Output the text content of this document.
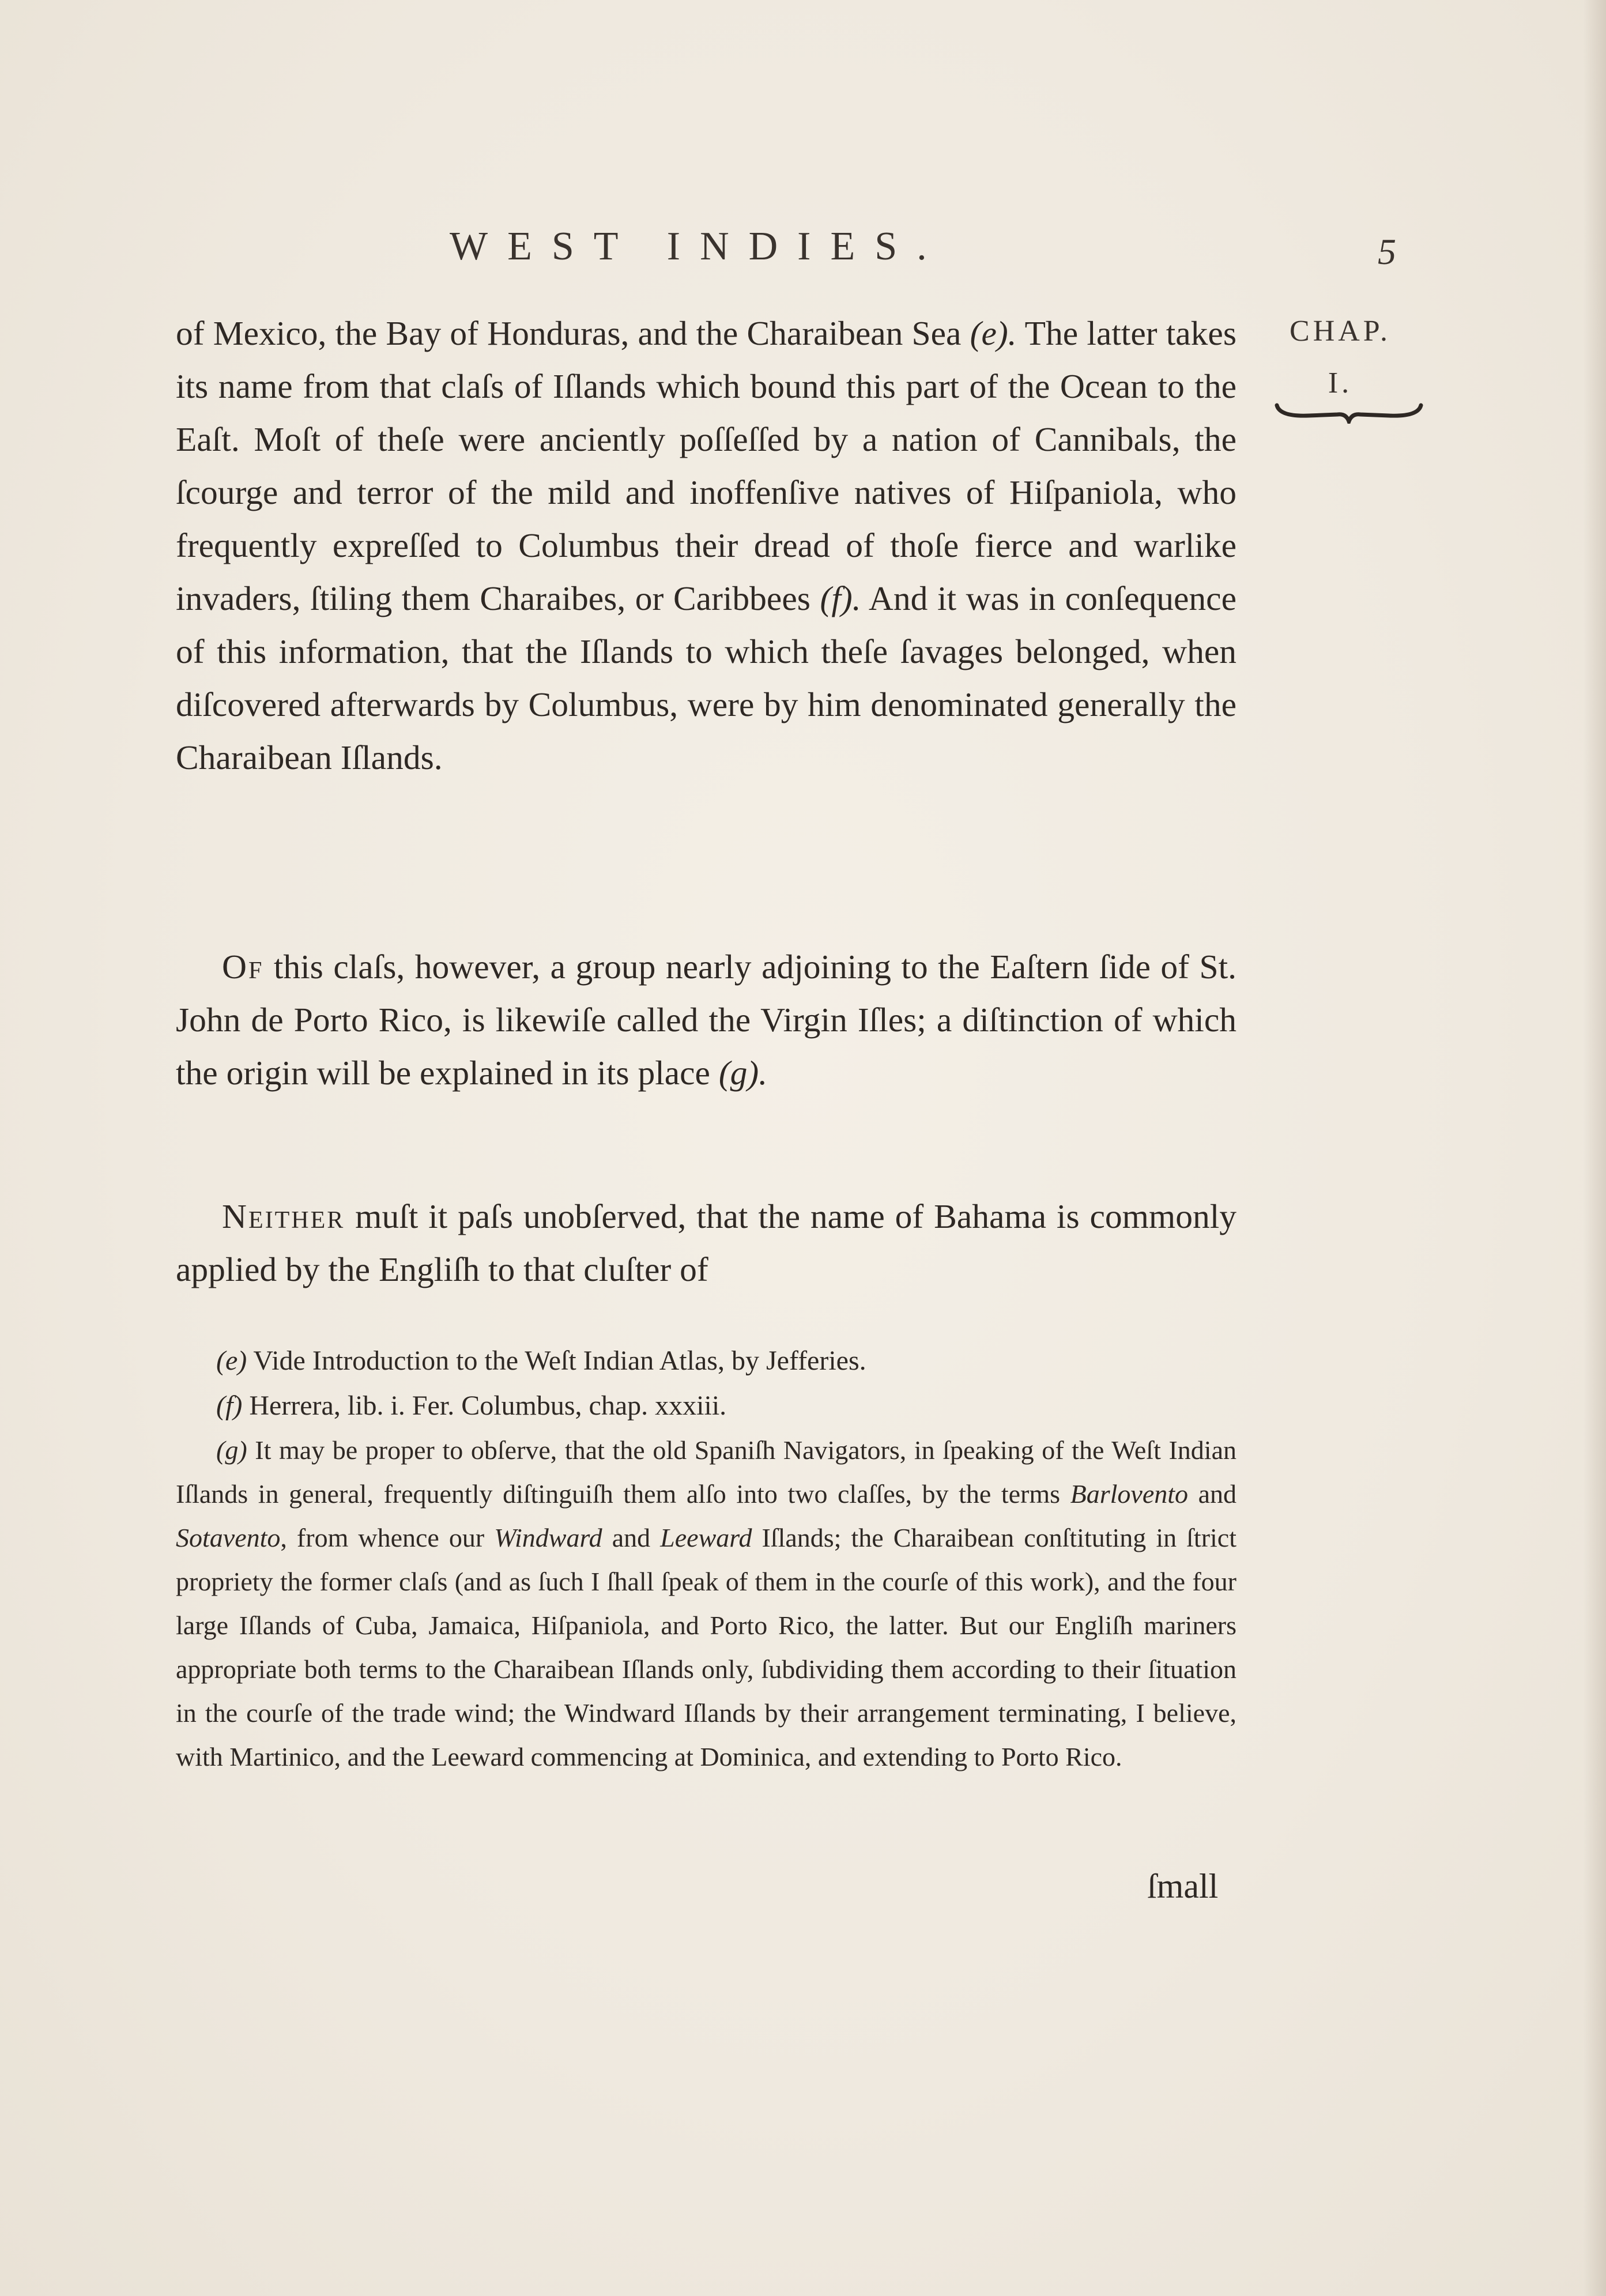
WEST INDIES.	5
CHAP.
I.

of Mexico, the Bay of Honduras, and the Charaibean Sea (e). The latter takes its name from that claſs of Iſlands which bound this part of the Ocean to the Eaſt. Moſt of theſe were anciently poſſeſſed by a nation of Cannibals, the ſcourge and terror of the mild and inoffenſive natives of Hiſpaniola, who frequently expreſſed to Columbus their dread of thoſe fierce and warlike invaders, ſtiling them Charaibes, or Caribbees (f). And it was in conſequence of this information, that the Iſlands to which theſe ſavages belonged, when diſcovered afterwards by Columbus, were by him denominated generally the Charaibean Iſlands.

Of this claſs, however, a group nearly adjoining to the Eaſtern ſide of St. John de Porto Rico, is likewiſe called the Virgin Iſles; a diſtinction of which the origin will be explained in its place (g).

Neither muſt it paſs unobſerved, that the name of Bahama is commonly applied by the Engliſh to that cluſter of

(e) Vide Introduction to the Weſt Indian Atlas, by Jefferies.

(f) Herrera, lib. i. Fer. Columbus, chap. xxxiii.

(g) It may be proper to obſerve, that the old Spaniſh Navigators, in ſpeaking of the Weſt Indian Iſlands in general, frequently diſtinguiſh them alſo into two claſſes, by the terms Barlovento and Sotavento, from whence our Windward and Leeward Iſlands; the Charaibean conſtituting in ſtrict propriety the former claſs (and as ſuch I ſhall ſpeak of them in the courſe of this work), and the four large Iſlands of Cuba, Jamaica, Hiſpaniola, and Porto Rico, the latter. But our Engliſh mariners appropriate both terms to the Charaibean Iſlands only, ſubdividing them according to their ſituation in the courſe of the trade wind; the Windward Iſlands by their arrangement terminating, I believe, with Martinico, and the Leeward commencing at Dominica, and extending to Porto Rico.

ſmall
